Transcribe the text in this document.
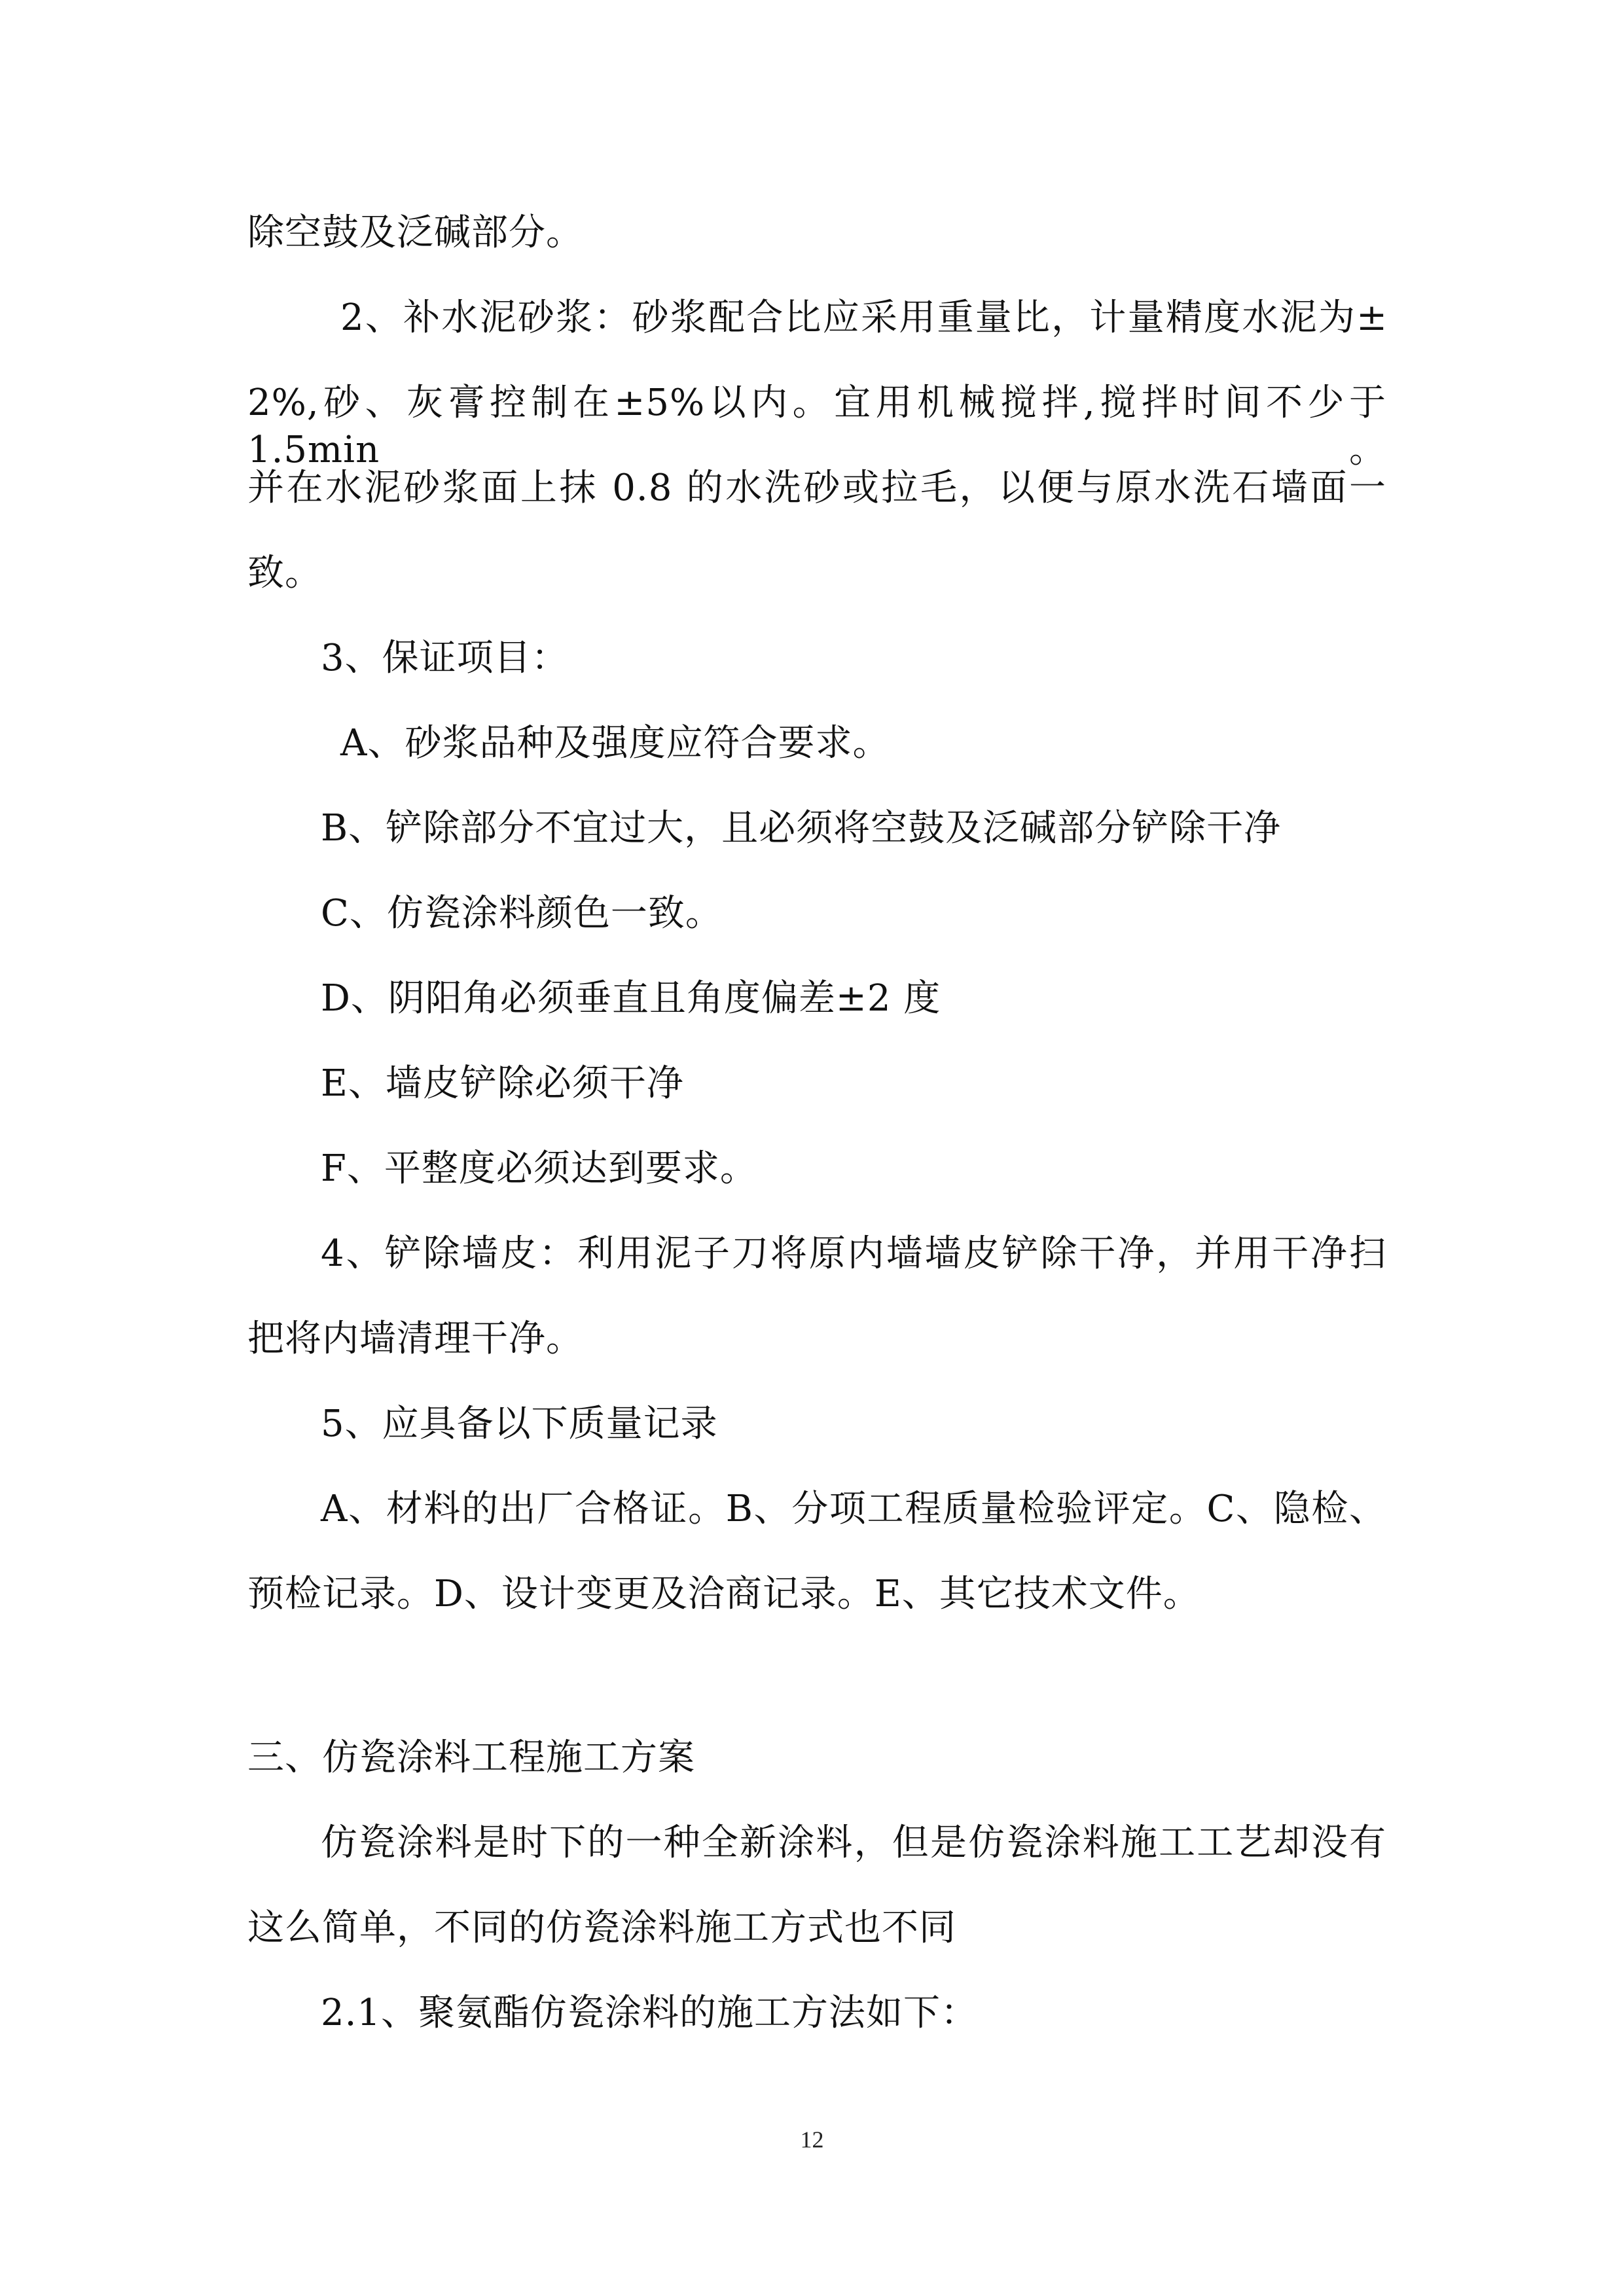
除空鼓及泛碱部分。
2、补水泥砂浆：砂浆配合比应采用重量比，计量精度水泥为±
2%,砂、灰膏控制在±5%以内。宜用机械搅拌,搅拌时间不少于1.5min。
并在水泥砂浆面上抹 0.8 的水洗砂或拉毛，以便与原水洗石墙面一
致。
3、保证项目：
A、砂浆品种及强度应符合要求。
B、铲除部分不宜过大，且必须将空鼓及泛碱部分铲除干净
C、仿瓷涂料颜色一致。
D、阴阳角必须垂直且角度偏差±2 度
E、墙皮铲除必须干净
F、平整度必须达到要求。
4、铲除墙皮：利用泥子刀将原内墙墙皮铲除干净，并用干净扫
把将内墙清理干净。
5、应具备以下质量记录
A、材料的出厂合格证。B、分项工程质量检验评定。C、隐检、
预检记录。D、设计变更及洽商记录。E、其它技术文件。
三、仿瓷涂料工程施工方案
仿瓷涂料是时下的一种全新涂料，但是仿瓷涂料施工工艺却没有
这么简单，不同的仿瓷涂料施工方式也不同
2.1、聚氨酯仿瓷涂料的施工方法如下：
12
